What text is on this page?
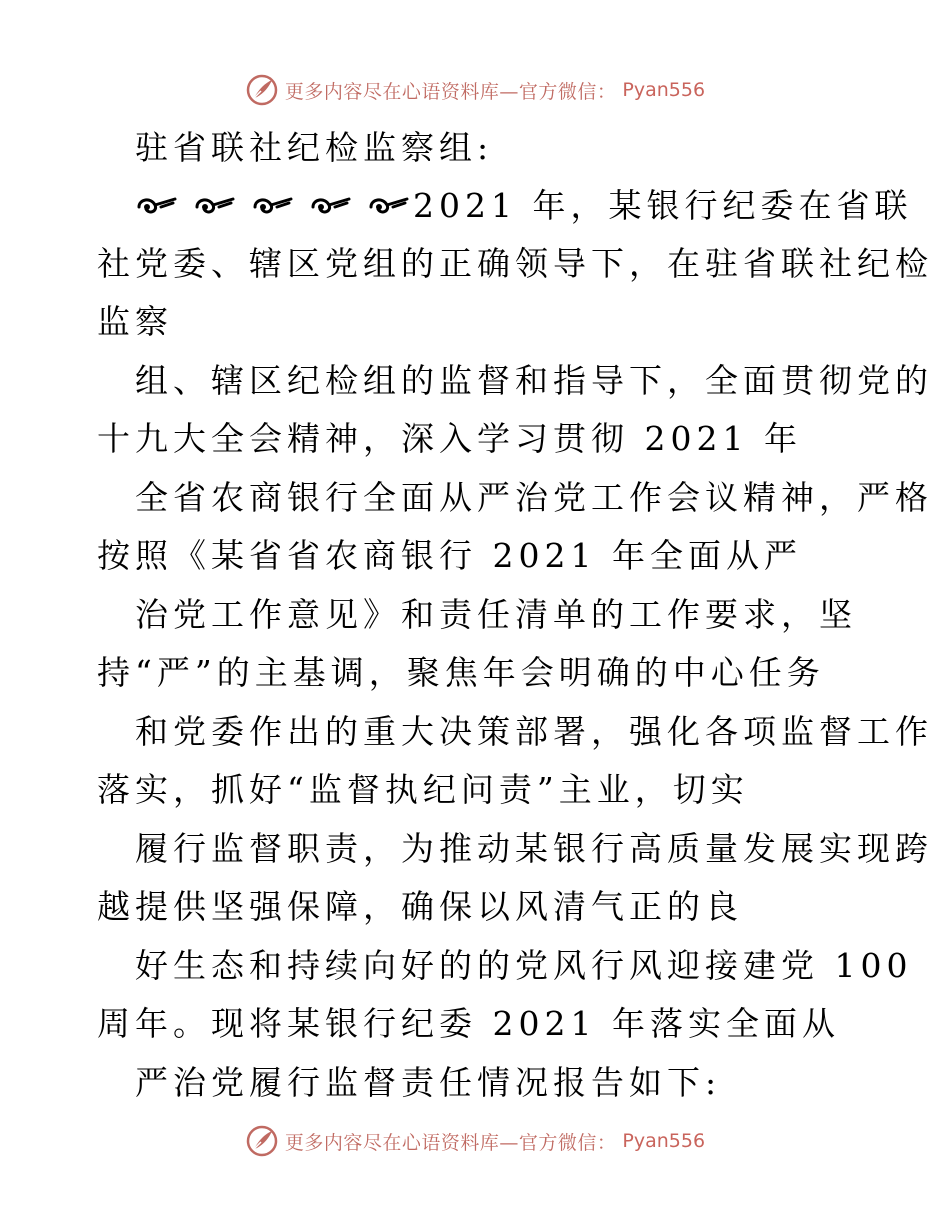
更多内容尽在心语资料库—官方微信： Pyan556
驻省联社纪检监察组:
2021 年，某银行纪委在省联
社党委、辖区党组的正确领导下，在驻省联社纪检
监察
组、辖区纪检组的监督和指导下，全面贯彻党的
十九大全会精神，深入学习贯彻 2021 年
全省农商银行全面从严治党工作会议精神，严格
按照《某省省农商银行 2021 年全面从严
治党工作意见》和责任清单的工作要求，坚
持“严”的主基调，聚焦年会明确的中心任务
和党委作出的重大决策部署，强化各项监督工作
落实，抓好“监督执纪问责”主业，切实
履行监督职责，为推动某银行高质量发展实现跨
越提供坚强保障，确保以风清气正的良
好生态和持续向好的的党风行风迎接建党 100
周年。现将某银行纪委 2021 年落实全面从
严治党履行监督责任情况报告如下:
更多内容尽在心语资料库—官方微信： Pyan556
